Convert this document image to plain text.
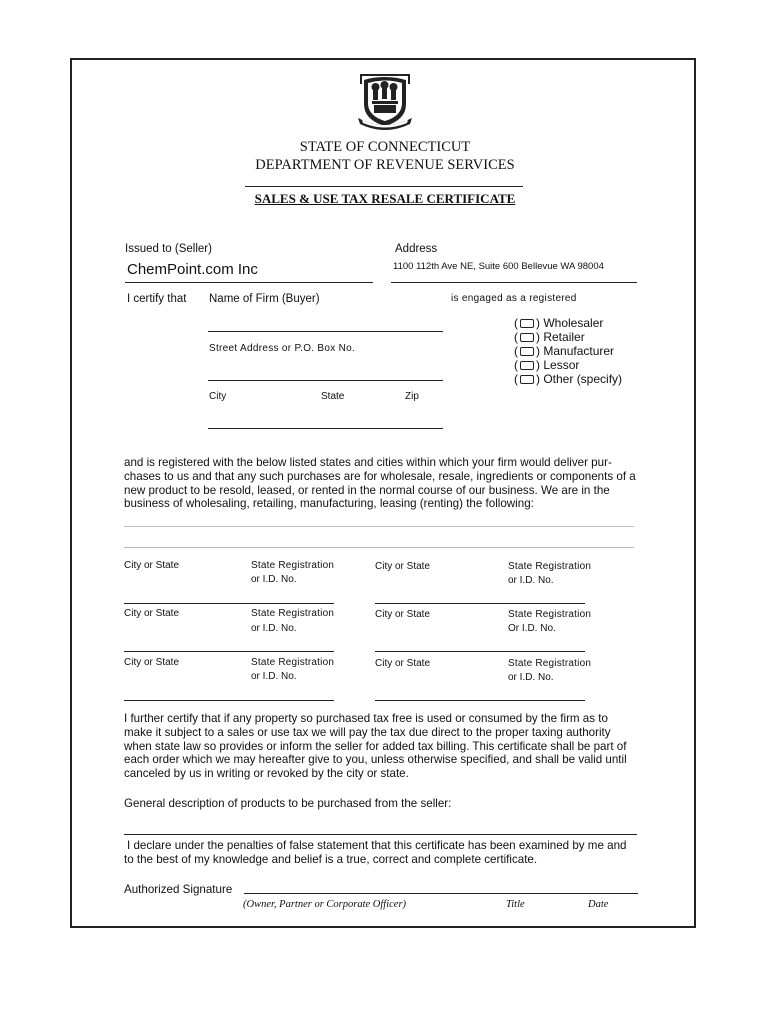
STATE OF CONNECTICUT
DEPARTMENT OF REVENUE SERVICES
SALES & USE TAX RESALE CERTIFICATE
Issued to (Seller)
ChemPoint.com Inc
Address
1100 112th Ave NE, Suite 600 Bellevue WA 98004
I certify that Name of Firm (Buyer)	is engaged as a registered
Street Address or P.O. Box No.
City	State	Zip
( ) Wholesaler
( ) Retailer
( ) Manufacturer
( ) Lessor
( ) Other (specify)
and is registered with the below listed states and cities within which your firm would deliver pur-
chases to us and that any such purchases are for wholesale, resale, ingredients or components of a
new product to be resold, leased, or rented in the normal course of our business. We are in the
business of wholesaling, retailing, manufacturing, leasing (renting) the following:
City or State	State Registration
or I.D. No.
City or State	State Registration
or I.D. No.
City or State	State Registration
or I.D. No.
City or State	State Registration
Or I.D. No.
City or State	State Registration
or I.D. No.
City or State	State Registration
or I.D. No.
I further certify that if any property so purchased tax free is used or consumed by the firm as to
make it subject to a sales or use tax we will pay the tax due direct to the proper taxing authority
when state law so provides or inform the seller for added tax billing. This certificate shall be part of
each order which we may hereafter give to you, unless otherwise specified, and shall be valid until
canceled by us in writing or revoked by the city or state.
General description of products to be purchased from the seller:
I declare under the penalties of false statement that this certificate has been examined by me and
to the best of my knowledge and belief is a true, correct and complete certificate.
Authorized Signature
(Owner, Partner or Corporate Officer)	Title	Date
